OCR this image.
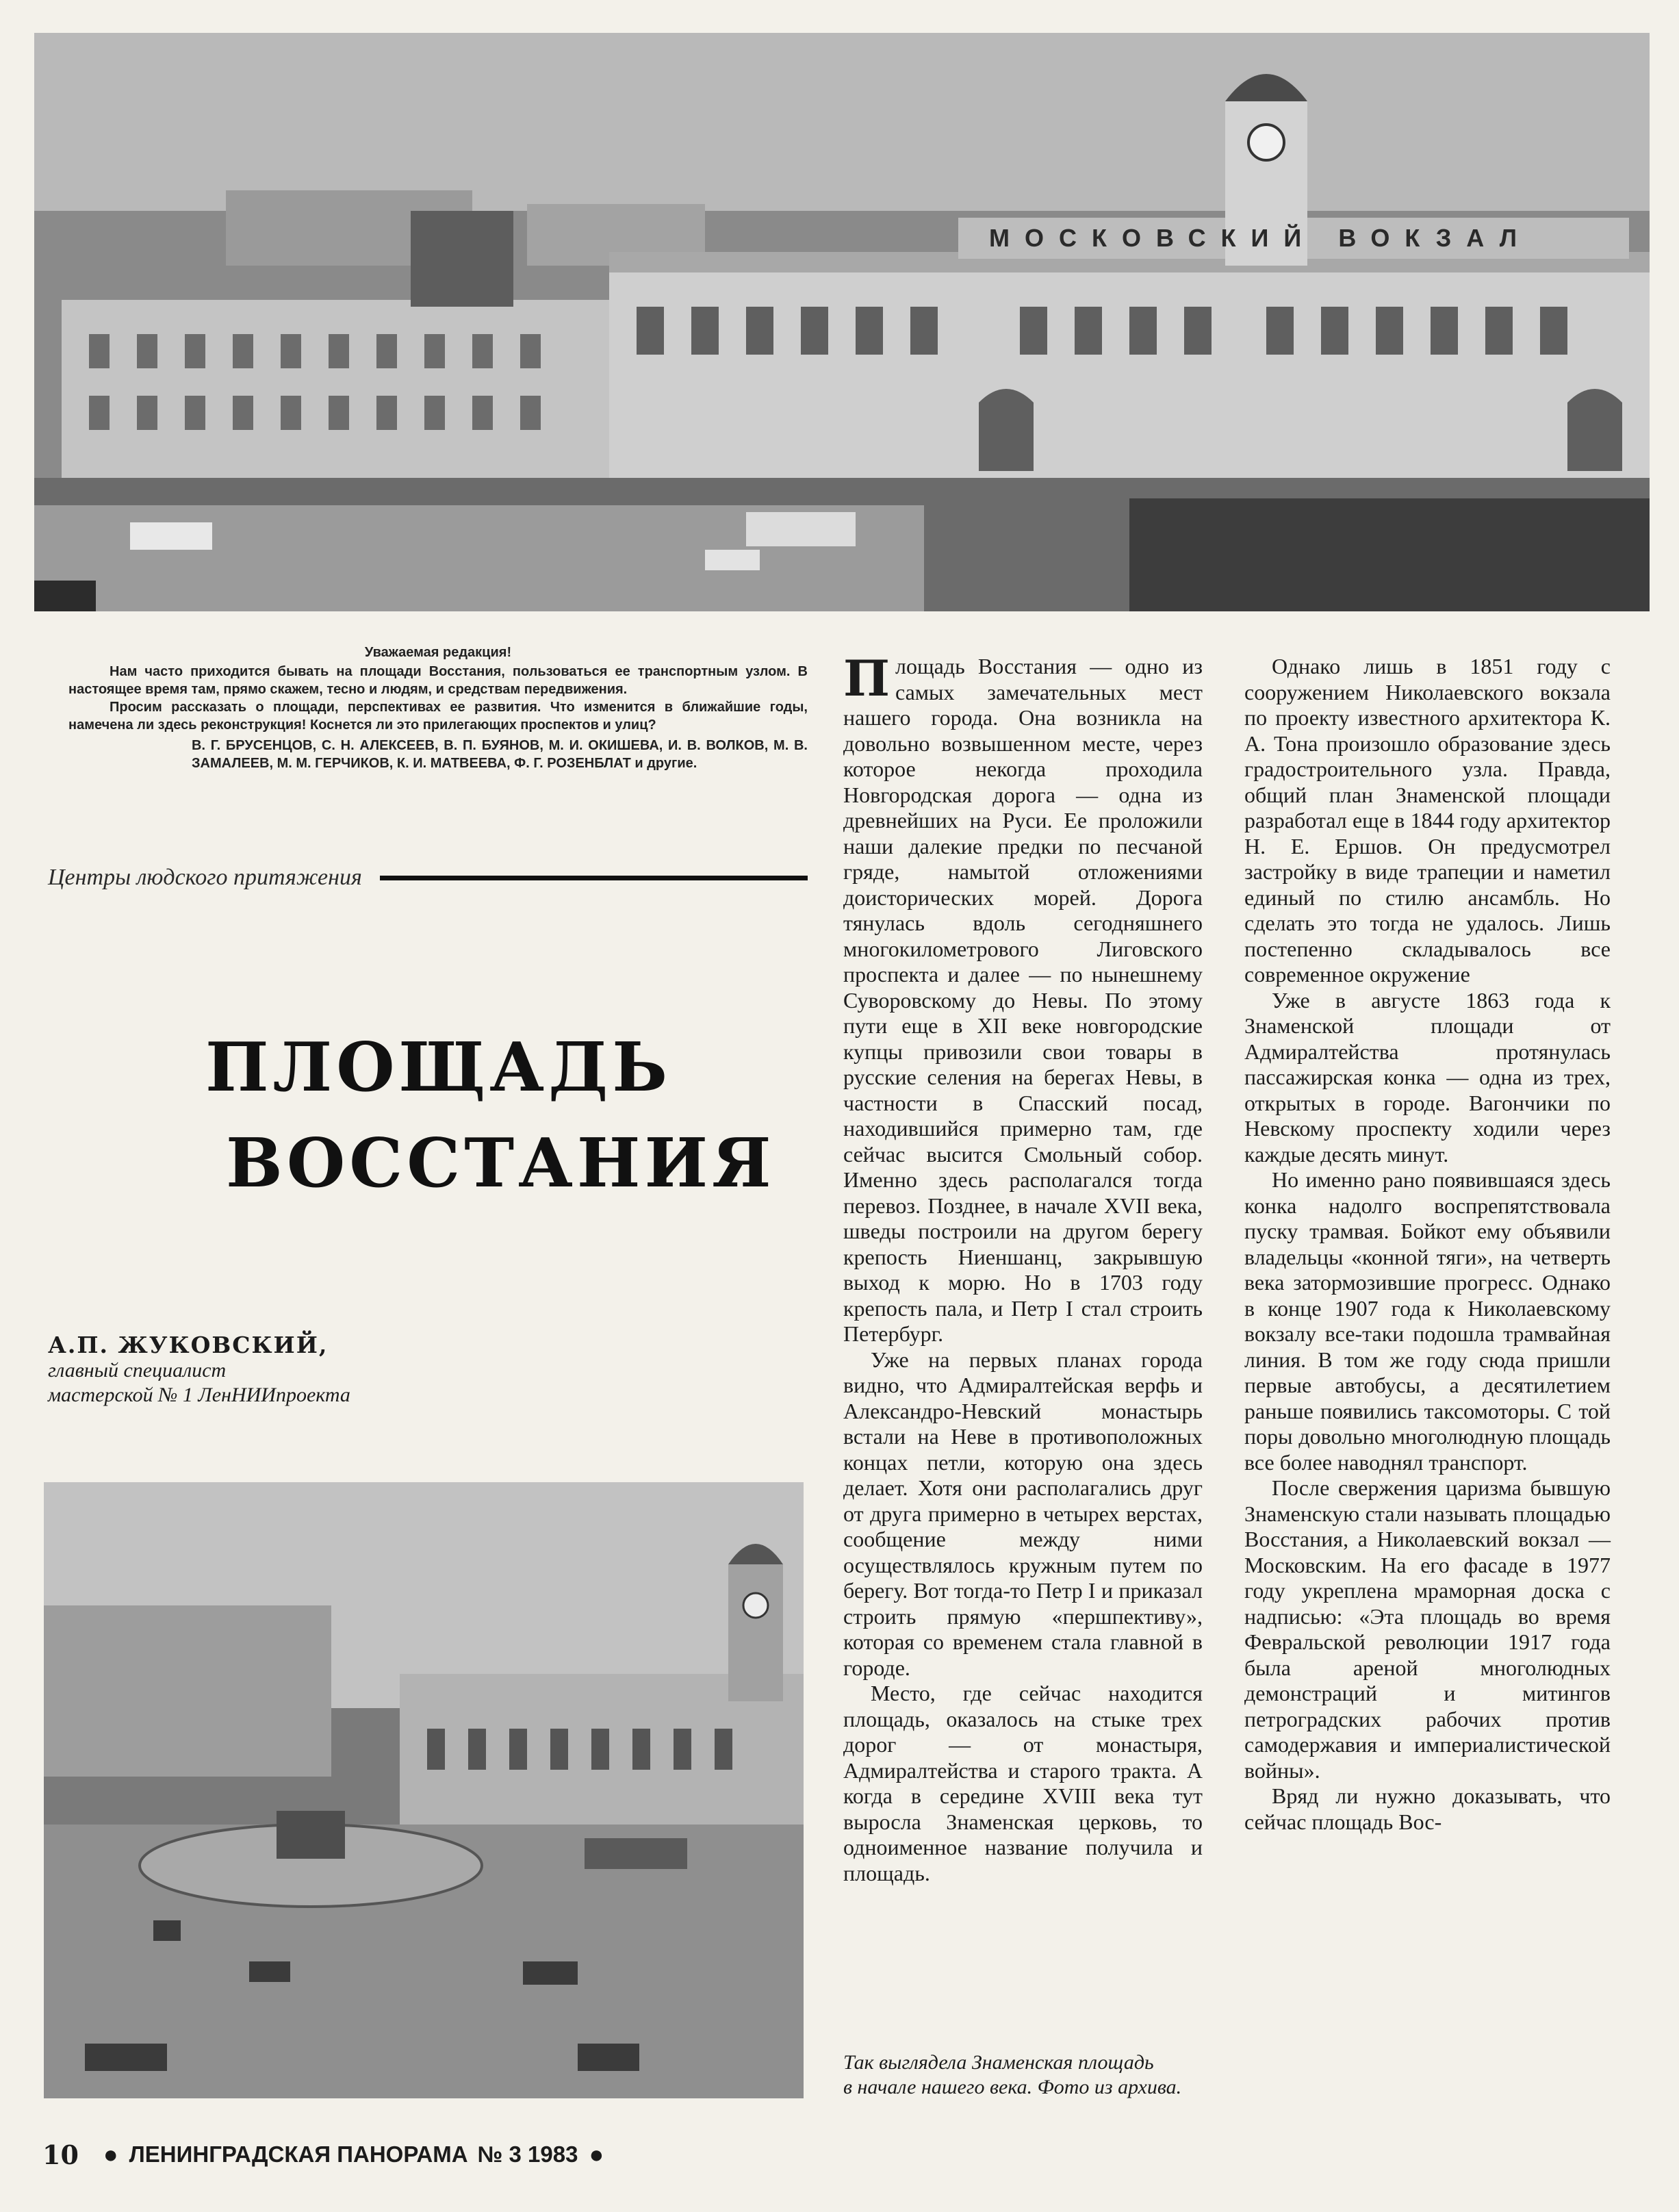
МОСКОВСКИЙ ВОКЗАЛ
Уважаемая редакция!

Нам часто приходится бывать на площади Восстания, пользоваться ее транспортным узлом. В настоящее время там, прямо скажем, тесно и людям, и средствам передвижения.

Просим рассказать о площади, перспективах ее развития. Что изменится в ближайшие годы, намечена ли здесь реконструкция! Коснется ли это прилегающих проспектов и улиц?

В. Г. БРУСЕНЦОВ, С. Н. АЛЕКСЕЕВ, В. П. БУЯНОВ, М. И. ОКИШЕВА, И. В. ВОЛКОВ, М. В. ЗАМАЛЕЕВ, М. М. ГЕРЧИКОВ, К. И. МАТВЕЕВА, Ф. Г. РОЗЕНБЛАТ и другие.

Центры людского притяжения
ПЛОЩАДЬ
ВОССТАНИЯ
А.П. ЖУКОВСКИЙ,
главный специалист
мастерской № 1 ЛенНИИпроекта

Площадь Восстания — одно из самых замечательных мест нашего города. Она возникла на довольно возвышенном месте, через которое некогда проходила Новгородская дорога — одна из древнейших на Руси. Ее проложили наши далекие предки по песчаной гряде, намытой отложениями доисторических морей. Дорога тянулась вдоль сегодняшнего многокилометрового Лиговского проспекта и далее — по нынешнему Суворовскому до Невы. По этому пути еще в XII веке новгородские купцы привозили свои товары в русские селения на берегах Невы, в частности в Спасский посад, находившийся примерно там, где сейчас высится Смольный собор. Именно здесь располагался тогда перевоз. Позднее, в начале XVII века, шведы построили на другом берегу крепость Ниеншанц, закрывшую выход к морю. Но в 1703 году крепость пала, и Петр I стал строить Петербург.

Уже на первых планах города видно, что Адмиралтейская верфь и Александро-Невский монастырь встали на Неве в противоположных концах петли, которую она здесь делает. Хотя они располагались друг от друга примерно в четырех верстах, сообщение между ними осуществлялось кружным путем по берегу. Вот тогда-то Петр I и приказал строить прямую «першпективу», которая со временем стала главной в городе.

Место, где сейчас находится площадь, оказалось на стыке трех дорог — от монастыря, Адмиралтейства и старого тракта. А когда в середине XVIII века тут выросла Знаменская церковь, то одноименное название получила и площадь.

Однако лишь в 1851 году с сооружением Николаевского вокзала по проекту известного архитектора К. А. Тона произошло образование здесь градостроительного узла. Правда, общий план Знаменской площади разработал еще в 1844 году архитектор Н. Е. Ершов. Он предусмотрел застройку в виде трапеции и наметил единый по стилю ансамбль. Но сделать это тогда не удалось. Лишь постепенно складывалось все современное окружение

Уже в августе 1863 года к Знаменской площади от Адмиралтейства протянулась пассажирская конка — одна из трех, открытых в городе. Вагончики по Невскому проспекту ходили через каждые десять минут.

Но именно рано появившаяся здесь конка надолго воспрепятствовала пуску трамвая. Бойкот ему объявили владельцы «конной тяги», на четверть века затормозившие прогресс. Однако в конце 1907 года к Николаевскому вокзалу все-таки подошла трамвайная линия. В том же году сюда пришли первые автобусы, а десятилетием раньше появились таксомоторы. С той поры довольно многолюдную площадь все более наводнял транспорт.

После свержения царизма бывшую Знаменскую стали называть площадью Восстания, а Николаевский вокзал — Московским. На его фасаде в 1977 году укреплена мраморная доска с надписью: «Эта площадь во время Февральской революции 1917 года была ареной многолюдных демонстраций и митингов петроградских рабочих против самодержавия и империалистической войны».

Вряд ли нужно доказывать, что сейчас площадь Вос-

Так выглядела Знаменская площадь
в начале нашего века. Фото из архива.
10 ● ЛЕНИНГРАДСКАЯ ПАНОРАМА № 3 1983 ●
